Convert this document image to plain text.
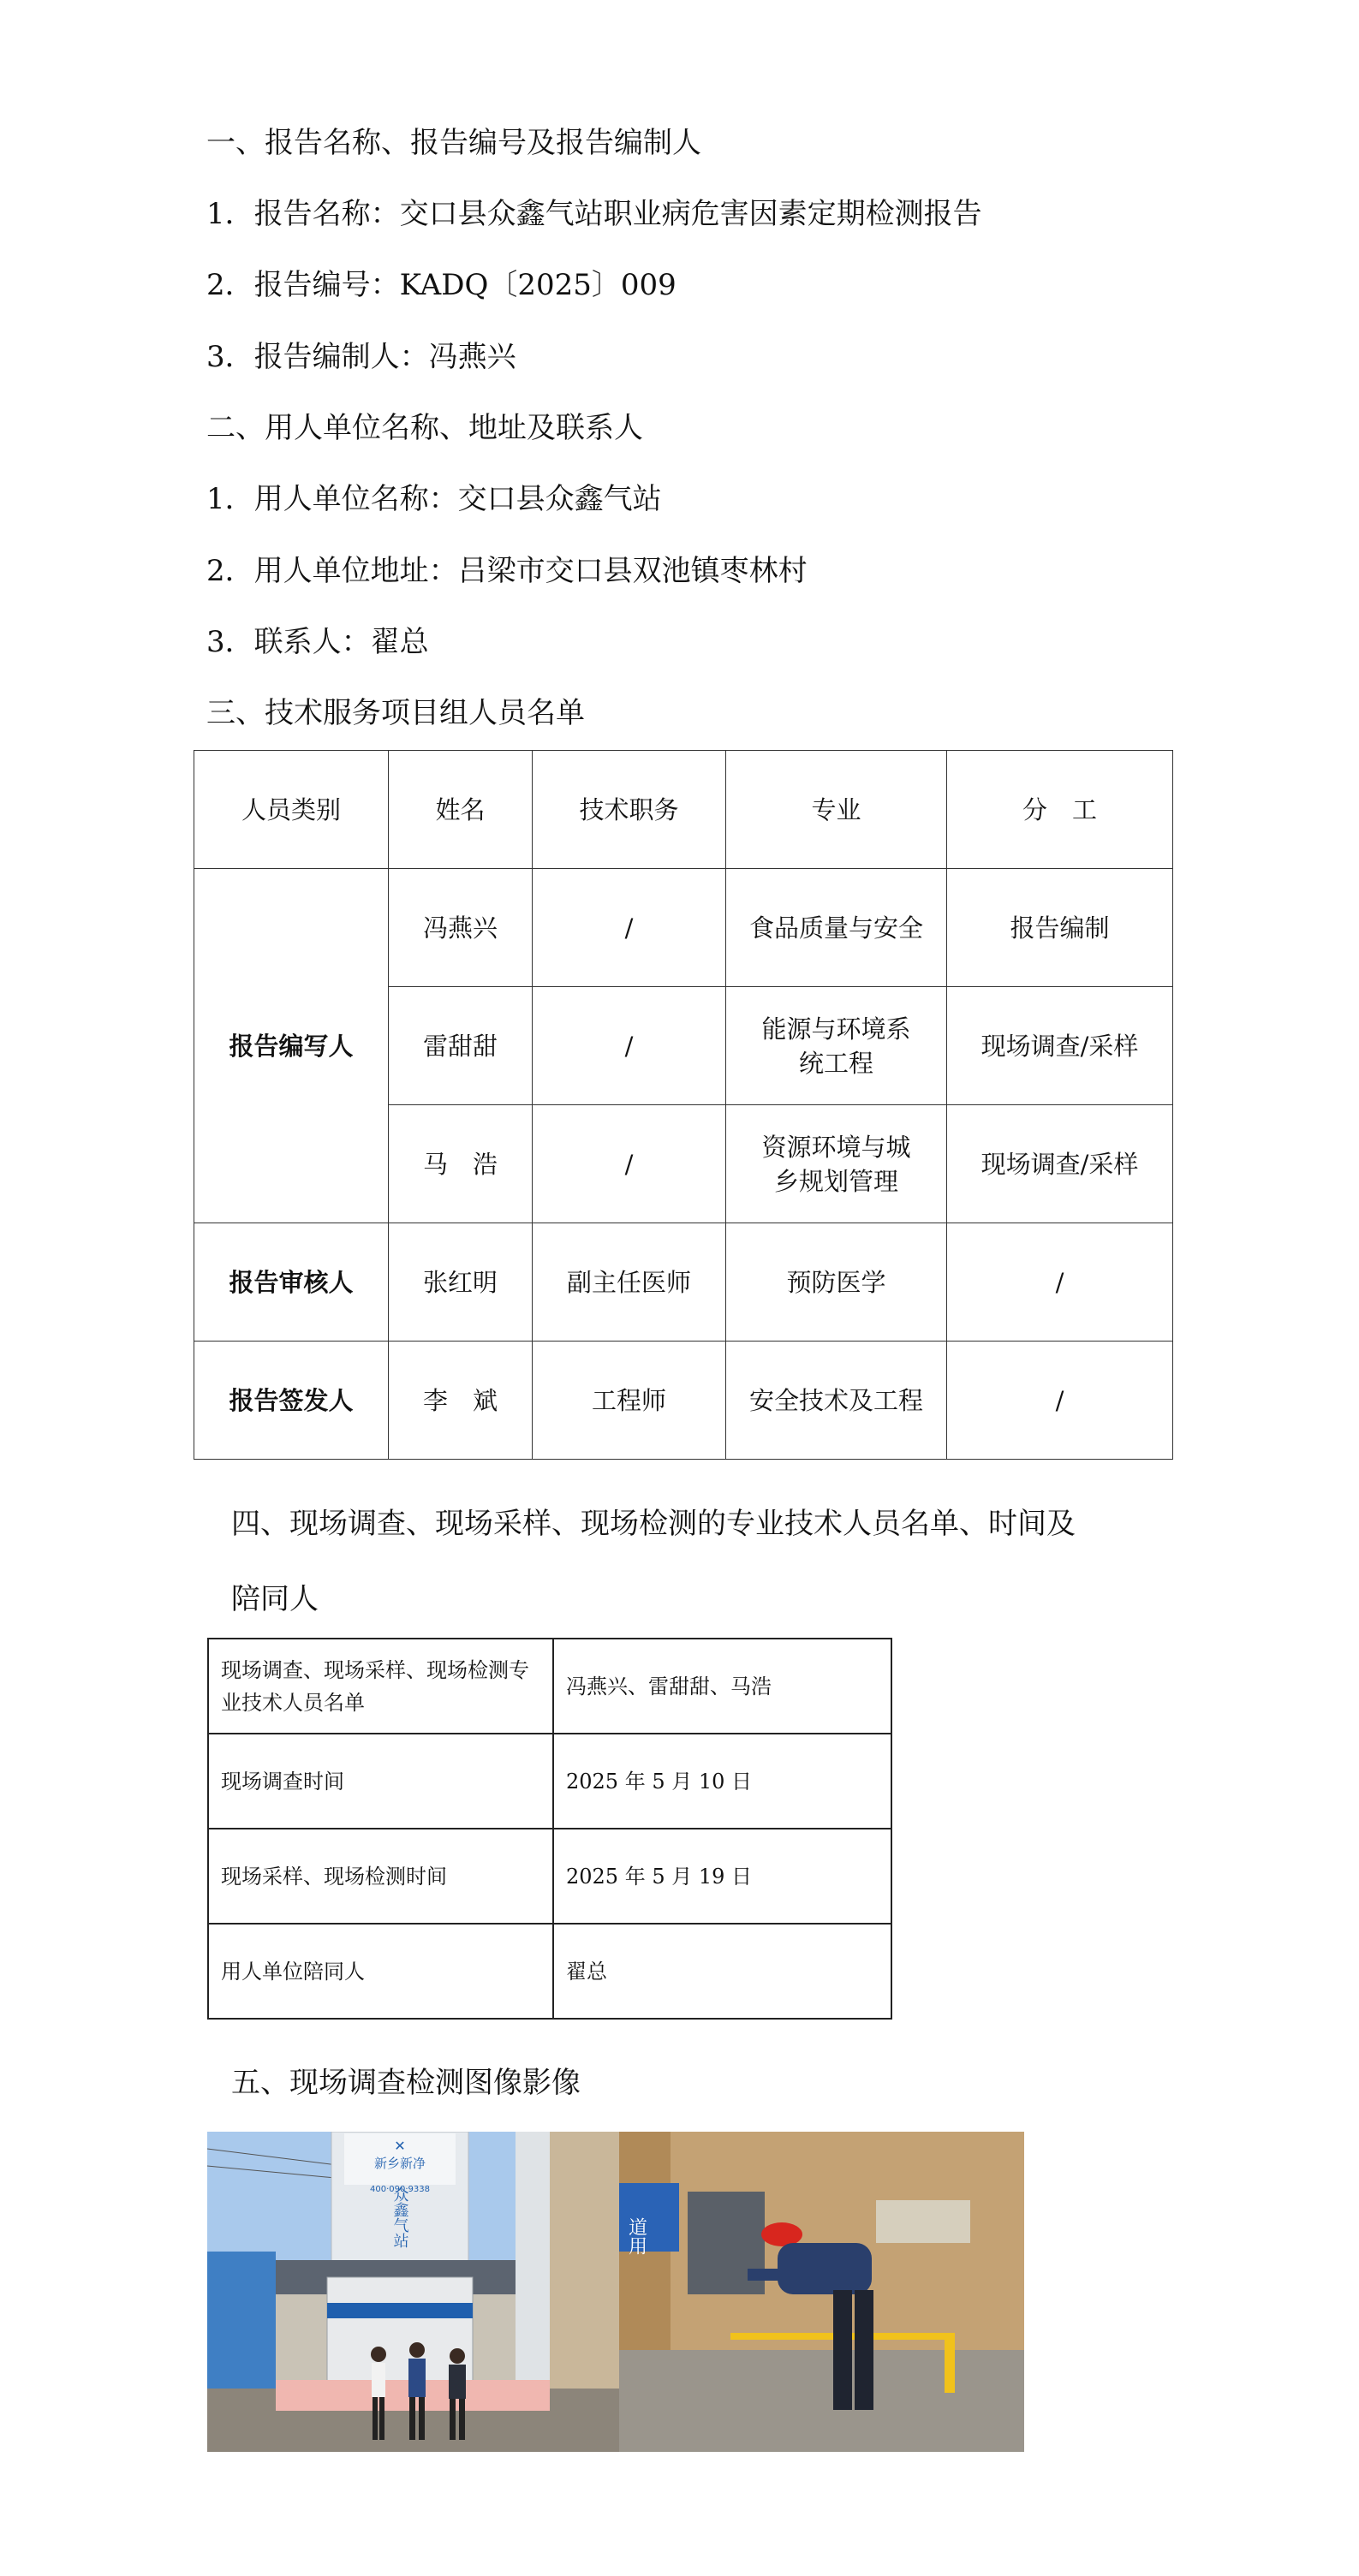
一、报告名称、报告编号及报告编制人
1．报告名称：交口县众鑫气站职业病危害因素定期检测报告
2．报告编号：KADQ〔2025〕009
3．报告编制人：冯燕兴
二、用人单位名称、地址及联系人
1．用人单位名称：交口县众鑫气站
2．用人单位地址：吕梁市交口县双池镇枣林村
3．联系人：翟总
三、技术服务项目组人员名单
人员类别	姓名	技术职务	专业	分　工
报告编写人	冯燕兴	/	食品质量与安全	报告编制
	雷甜甜	/	能源与环境系统工程	现场调查/采样
	马　浩	/	资源环境与城乡规划管理	现场调查/采样
报告审核人	张红明	副主任医师	预防医学	/
报告签发人	李　斌	工程师	安全技术及工程	/
四、现场调查、现场采样、现场检测的专业技术人员名单、时间及
陪同人
现场调查、现场采样、现场检测专业技术人员名单	冯燕兴、雷甜甜、马浩
现场调查时间	2025 年 5 月 10 日
现场采样、现场检测时间	2025 年 5 月 19 日
用人单位陪同人	翟总
五、现场调查检测图像影像
✕
新乡新净
400·090·9338
众鑫气站	道用
